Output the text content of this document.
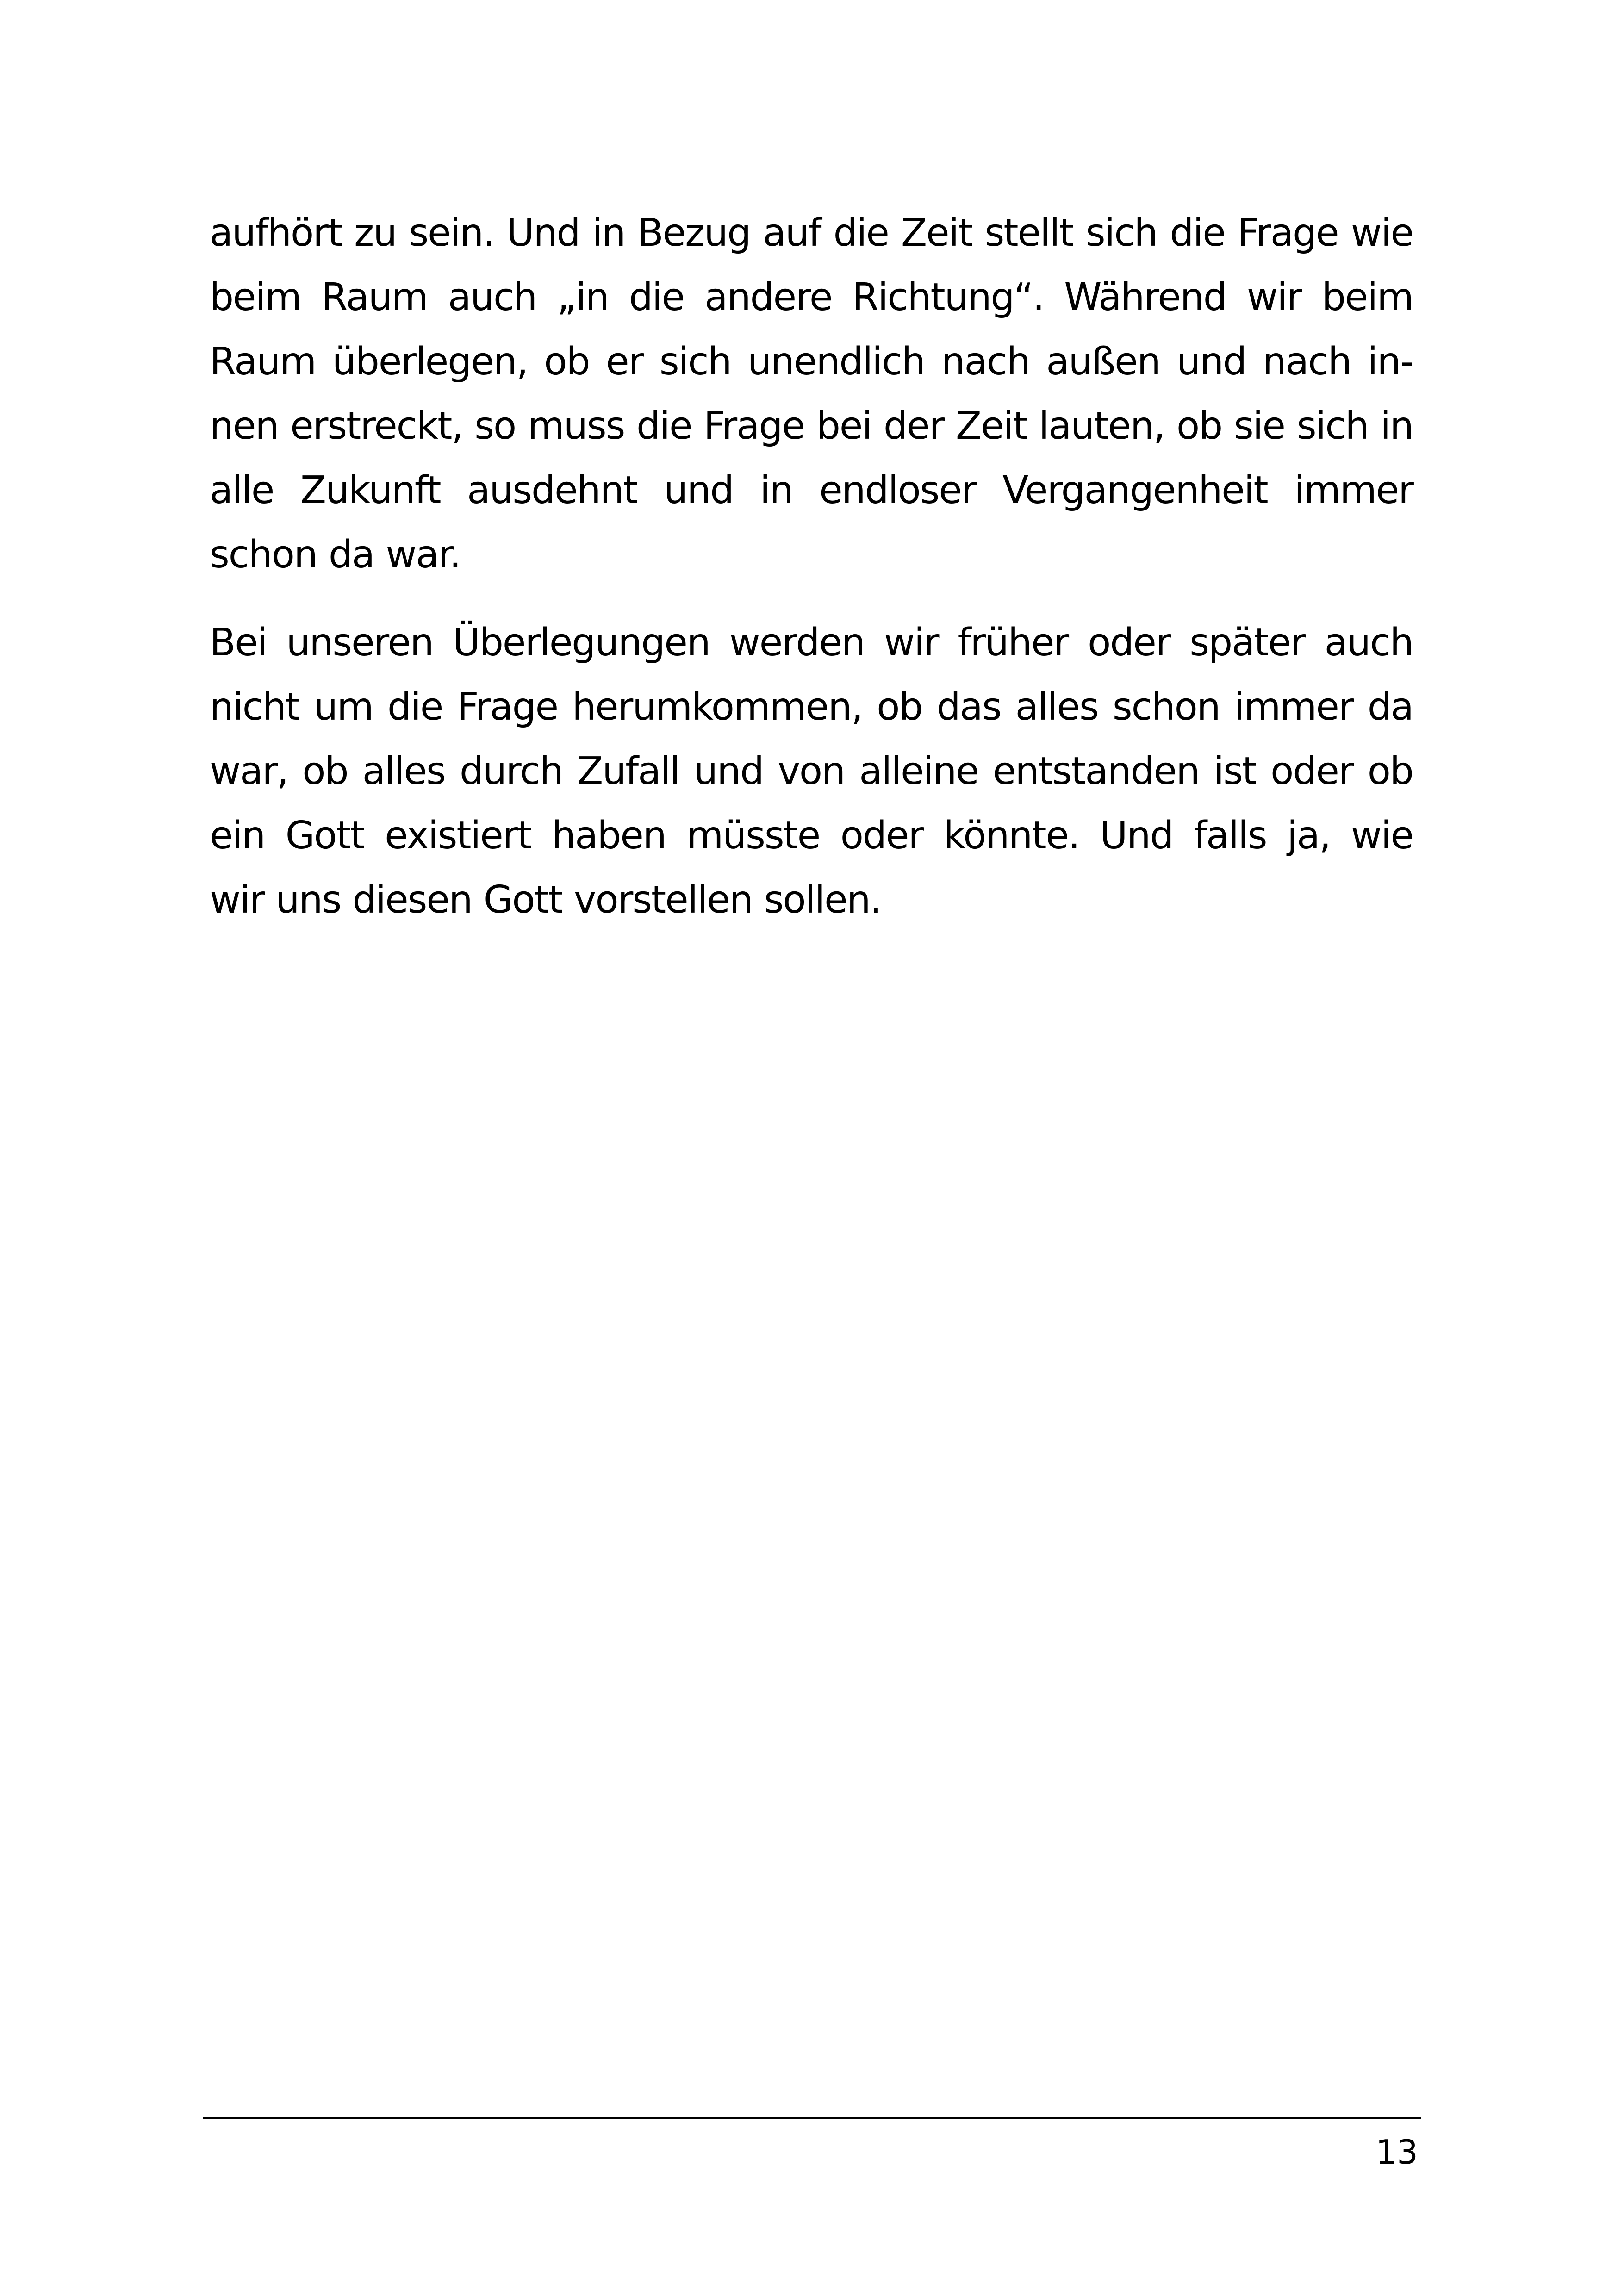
aufhört zu sein. Und in Bezug auf die Zeit stellt sich die Frage wie
beim Raum auch „in die andere Richtung“. Während wir beim
Raum überlegen, ob er sich unendlich nach außen und nach in-
nen erstreckt, so muss die Frage bei der Zeit lauten, ob sie sich in
alle Zukunft ausdehnt und in endloser Vergangenheit immer
schon da war.

Bei unseren Überlegungen werden wir früher oder später auch
nicht um die Frage herumkommen, ob das alles schon immer da
war, ob alles durch Zufall und von alleine entstanden ist oder ob
ein Gott existiert haben müsste oder könnte. Und falls ja, wie
wir uns diesen Gott vorstellen sollen.

13
